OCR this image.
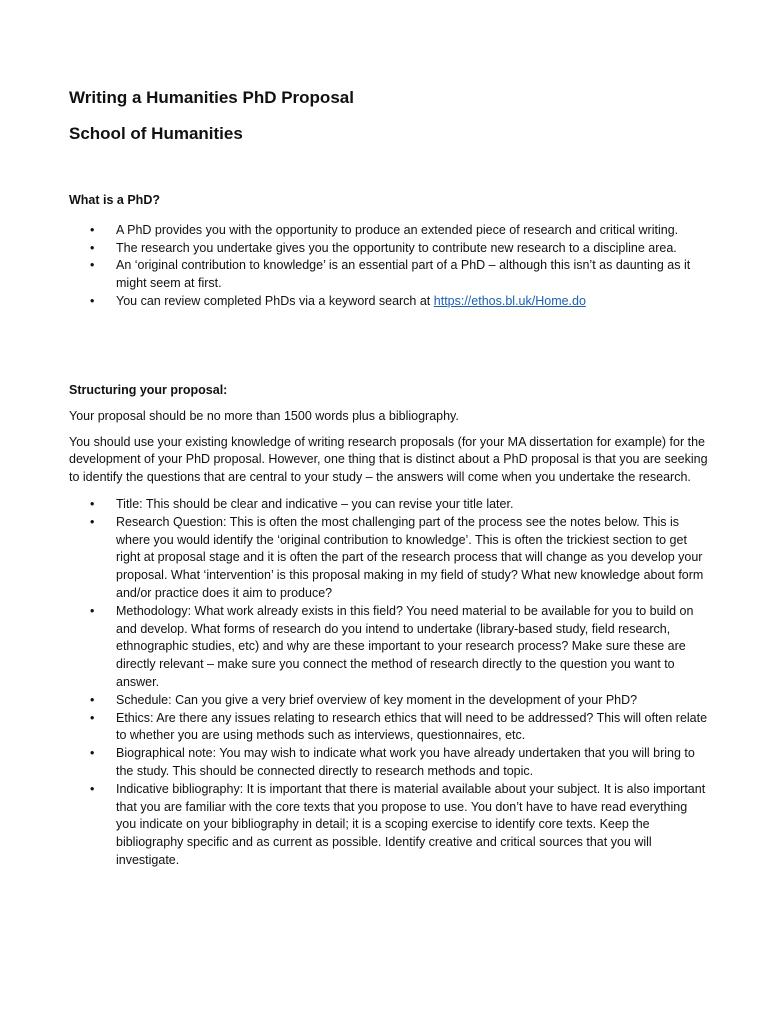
Writing a Humanities PhD Proposal
School of Humanities

What is a PhD?

• A PhD provides you with the opportunity to produce an extended piece of research and critical writing.
• The research you undertake gives you the opportunity to contribute new research to a discipline area.
• An ‘original contribution to knowledge’ is an essential part of a PhD – although this isn’t as daunting as it might seem at first.
• You can review completed PhDs via a keyword search at https://ethos.bl.uk/Home.do

Structuring your proposal:

Your proposal should be no more than 1500 words plus a bibliography.

You should use your existing knowledge of writing research proposals (for your MA dissertation for example) for the development of your PhD proposal. However, one thing that is distinct about a PhD proposal is that you are seeking to identify the questions that are central to your study – the answers will come when you undertake the research.

• Title: This should be clear and indicative – you can revise your title later.
• Research Question: This is often the most challenging part of the process see the notes below. This is where you would identify the ‘original contribution to knowledge’. This is often the trickiest section to get right at proposal stage and it is often the part of the research process that will change as you develop your proposal. What ‘intervention’ is this proposal making in my field of study? What new knowledge about form and/or practice does it aim to produce?
• Methodology: What work already exists in this field? You need material to be available for you to build on and develop. What forms of research do you intend to undertake (library-based study, field research, ethnographic studies, etc) and why are these important to your research process? Make sure these are directly relevant – make sure you connect the method of research directly to the question you want to answer.
• Schedule: Can you give a very brief overview of key moment in the development of your PhD?
• Ethics: Are there any issues relating to research ethics that will need to be addressed? This will often relate to whether you are using methods such as interviews, questionnaires, etc.
• Biographical note: You may wish to indicate what work you have already undertaken that you will bring to the study. This should be connected directly to research methods and topic.
• Indicative bibliography: It is important that there is material available about your subject. It is also important that you are familiar with the core texts that you propose to use. You don’t have to have read everything you indicate on your bibliography in detail; it is a scoping exercise to identify core texts. Keep the bibliography specific and as current as possible. Identify creative and critical sources that you will investigate.
